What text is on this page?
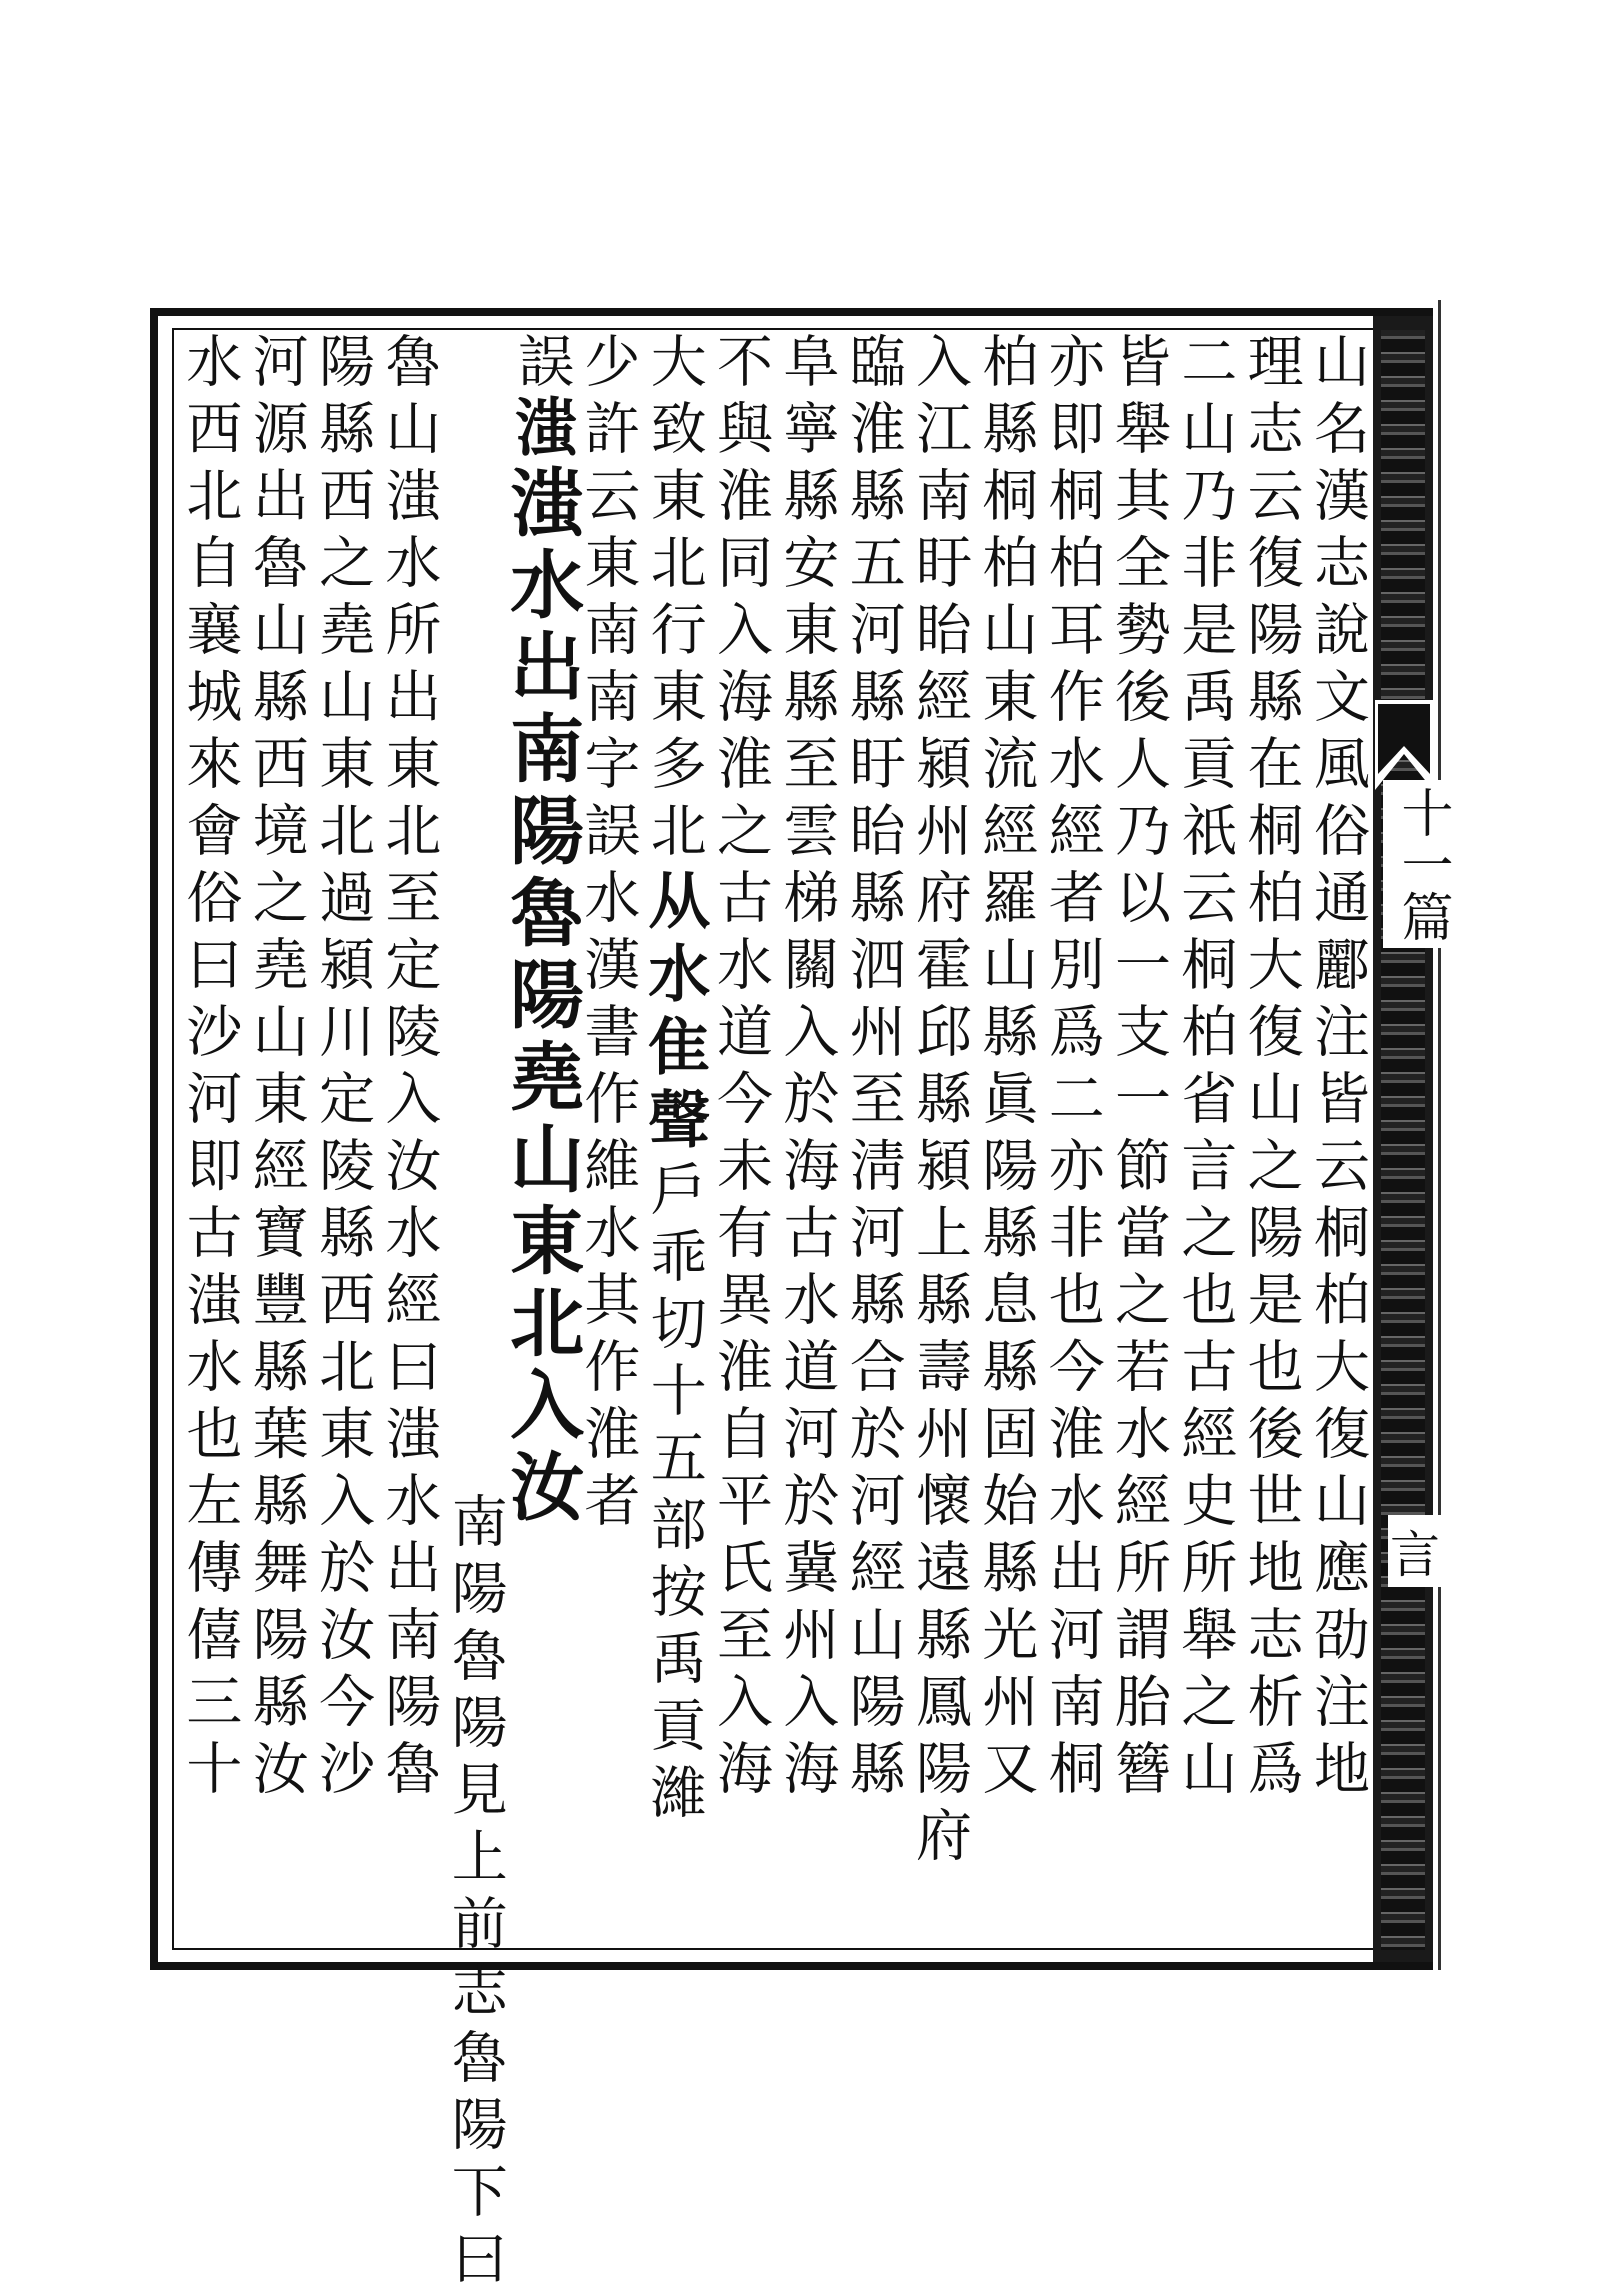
十一篇
言
山名漢志說文風俗通酈注皆云桐柏大復山應劭注地
理志云復陽縣在桐柏大復山之陽是也後世地志析爲
二山乃非是禹貢祇云桐柏省言之也古經史所舉之山
皆舉其全勢後人乃以一支一節當之若水經所謂胎簪
亦即桐柏耳作水經者別爲二亦非也今淮水出河南桐
柏縣桐柏山東流經羅山縣眞陽縣息縣固始縣光州又
入江南盱眙經潁州府霍邱縣潁上縣壽州懷遠縣鳳陽府
臨淮縣五河縣盱眙縣泗州至淸河縣合於河經山陽縣
阜寧縣安東縣至雲梯關入於海古水道河於冀州入海
不與淮同入海淮之古水道今未有異淮自平氏至入海
大致東北行東多北从水隹聲戶乖切十五部按禹貢濰
少許云東南南字誤水漢書作維水其作淮者
誤滍滍水出南陽魯陽堯山東北入汝
南陽魯陽見上前志魯陽下曰
魯山滍水所出東北至定陵入汝水經曰滍水出南陽魯
陽縣西之堯山東北過潁川定陵縣西北東入於汝今沙
河源出魯山縣西境之堯山東經寶豐縣葉縣舞陽縣汝
水西北自襄城來會俗曰沙河即古滍水也左傳僖三十
